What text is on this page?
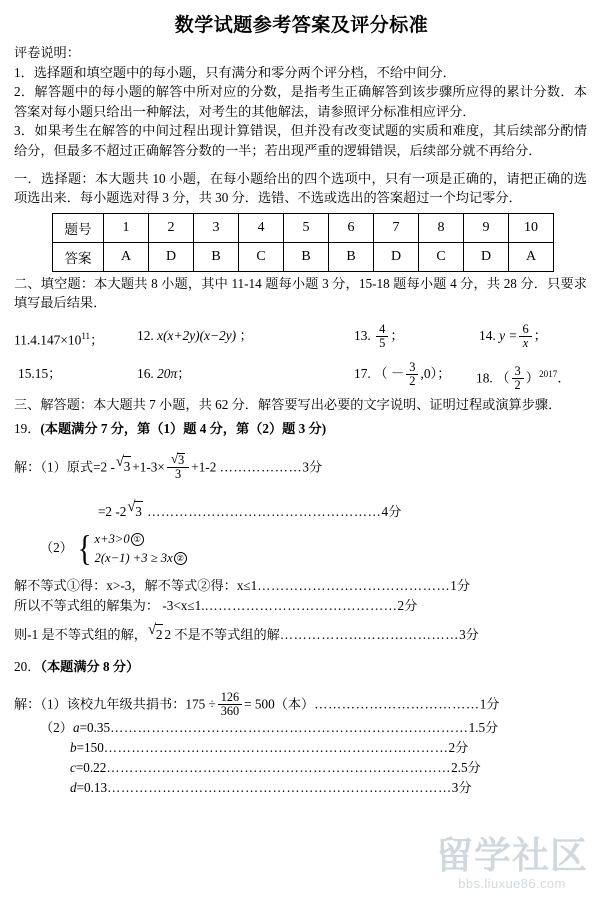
数学试题参考答案及评分标准

评卷说明：

1．选择题和填空题中的每小题，只有满分和零分两个评分档，不给中间分．

2．解答题中的每小题的解答中所对应的分数，是指考生正确解答到该步骤所应得的累计分数．本答案对每小题只给出一种解法，对考生的其他解法，请参照评分标准相应评分．

3．如果考生在解答的中间过程出现计算错误，但并没有改变试题的实质和难度，其后续部分酌情给分，但最多不超过正确解答分数的一半；若出现严重的逻辑错误，后续部分就不再给分．

一．选择题：本大题共 10 小题，在每小题给出的四个选项中，只有一项是正确的，请把正确的选项选出来．每小题选对得 3 分，共 30 分．选错、不选或选出的答案超过一个均记零分．

题号	1	2	3	4	5	6	7	8	9	10
答案	A	D	B	C	B	B	D	C	D	A

二、填空题：本大题共 8 小题，其中 11-14 题每小题 3 分，15-18 题每小题 4 分，共 28 分．只要求填写最后结果．

$11.4.147\times 10^{11}$；	12. x(x+2y)(x−2y) ；	13. $\frac{4}{5}$ ；	14. $y = \frac{6}{x}$ ；
15.15；	16. 20π；	17. （ － $\frac{3}{2} ,0$）； 18. （ $\frac{3}{2} )^{2017}$．

三、解答题：本大题共 7 小题，共 62 分．解答要写出必要的文字说明、证明过程或演算步骤．

19．(本题满分 7 分，第（1）题 4 分，第（2）题 3 分)

解：（1）原式=2 - √ $3 +1-3\times \frac{√ 3}{3} +1-2$ ………………3分

=2 -2 √ 3 ……………………………………………4分

（2） { x+3>0 ①
2(x−1) +3 ≥ 3x ②

解不等式①得：x>-3，解不等式②得：x≤1……………………………………1分

所以不等式组的解集为： -3<x≤1.……………………………………2分

则-1 是不等式组的解， √ 2 2 不是不等式组的解…………………………………3分

20．（本题满分 8 分）

解：（1）该校九年级共捐书：$175 \div \frac{126}{360} = 500$（本）………………………………1分

（2）a=0.35……………………………………………………………………1.5分

b=150…………………………………………………………………2分

c=0.22…………………………………………………………………2.5分

d=0.13…………………………………………………………………3分

留学社区
bbs.liuxue86.com
